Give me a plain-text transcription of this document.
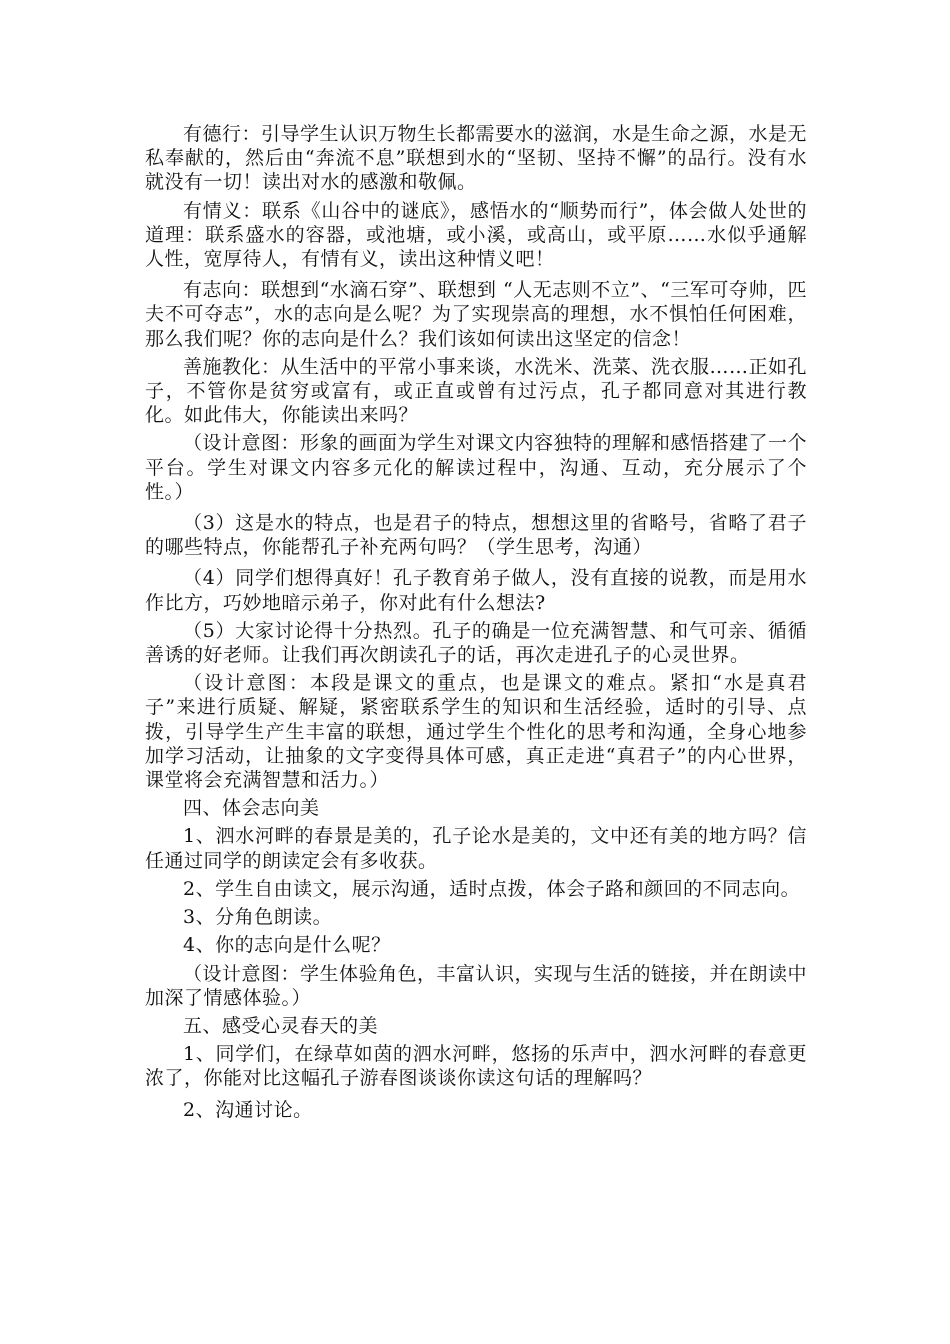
有德行：引导学生认识万物生长都需要水的滋润，水是生命之源，水是无私奉献的，然后由“奔流不息”联想到水的“坚韧、坚持不懈”的品行。没有水就没有一切！读出对水的感激和敬佩。

有情义：联系《山谷中的谜底》，感悟水的“顺势而行”，体会做人处世的道理：联系盛水的容器，或池塘，或小溪，或高山，或平原……水似乎通解人性，宽厚待人，有情有义，读出这种情义吧！

有志向：联想到“水滴石穿”、联想到 “人无志则不立”、“三军可夺帅，匹夫不可夺志”，水的志向是么呢？为了实现崇高的理想，水不惧怕任何困难，那么我们呢？你的志向是什么？我们该如何读出这坚定的信念！

善施教化：从生活中的平常小事来谈，水洗米、洗菜、洗衣服……正如孔子，不管你是贫穷或富有，或正直或曾有过污点，孔子都同意对其进行教化。如此伟大，你能读出来吗？

（设计意图：形象的画面为学生对课文内容独特的理解和感悟搭建了一个平台。学生对课文内容多元化的解读过程中，沟通、互动，充分展示了个性。）

（3）这是水的特点，也是君子的特点，想想这里的省略号，省略了君子的哪些特点，你能帮孔子补充两句吗？（学生思考，沟通）

（4）同学们想得真好！孔子教育弟子做人，没有直接的说教，而是用水作比方，巧妙地暗示弟子，你对此有什么想法?

（5）大家讨论得十分热烈。孔子的确是一位充满智慧、和气可亲、循循善诱的好老师。让我们再次朗读孔子的话，再次走进孔子的心灵世界。

（设计意图：本段是课文的重点，也是课文的难点。紧扣“水是真君子”来进行质疑、解疑，紧密联系学生的知识和生活经验，适时的引导、点拨，引导学生产生丰富的联想，通过学生个性化的思考和沟通，全身心地参加学习活动，让抽象的文字变得具体可感，真正走进“真君子”的内心世界，课堂将会充满智慧和活力。）

四、体会志向美

1、泗水河畔的春景是美的，孔子论水是美的，文中还有美的地方吗？信任通过同学的朗读定会有多收获。

2、学生自由读文，展示沟通，适时点拨，体会子路和颜回的不同志向。

3、分角色朗读。

4、你的志向是什么呢？

（设计意图：学生体验角色，丰富认识，实现与生活的链接，并在朗读中加深了情感体验。）

五、感受心灵春天的美

1、同学们，在绿草如茵的泗水河畔，悠扬的乐声中，泗水河畔的春意更浓了，你能对比这幅孔子游春图谈谈你读这句话的理解吗？

2、沟通讨论。
